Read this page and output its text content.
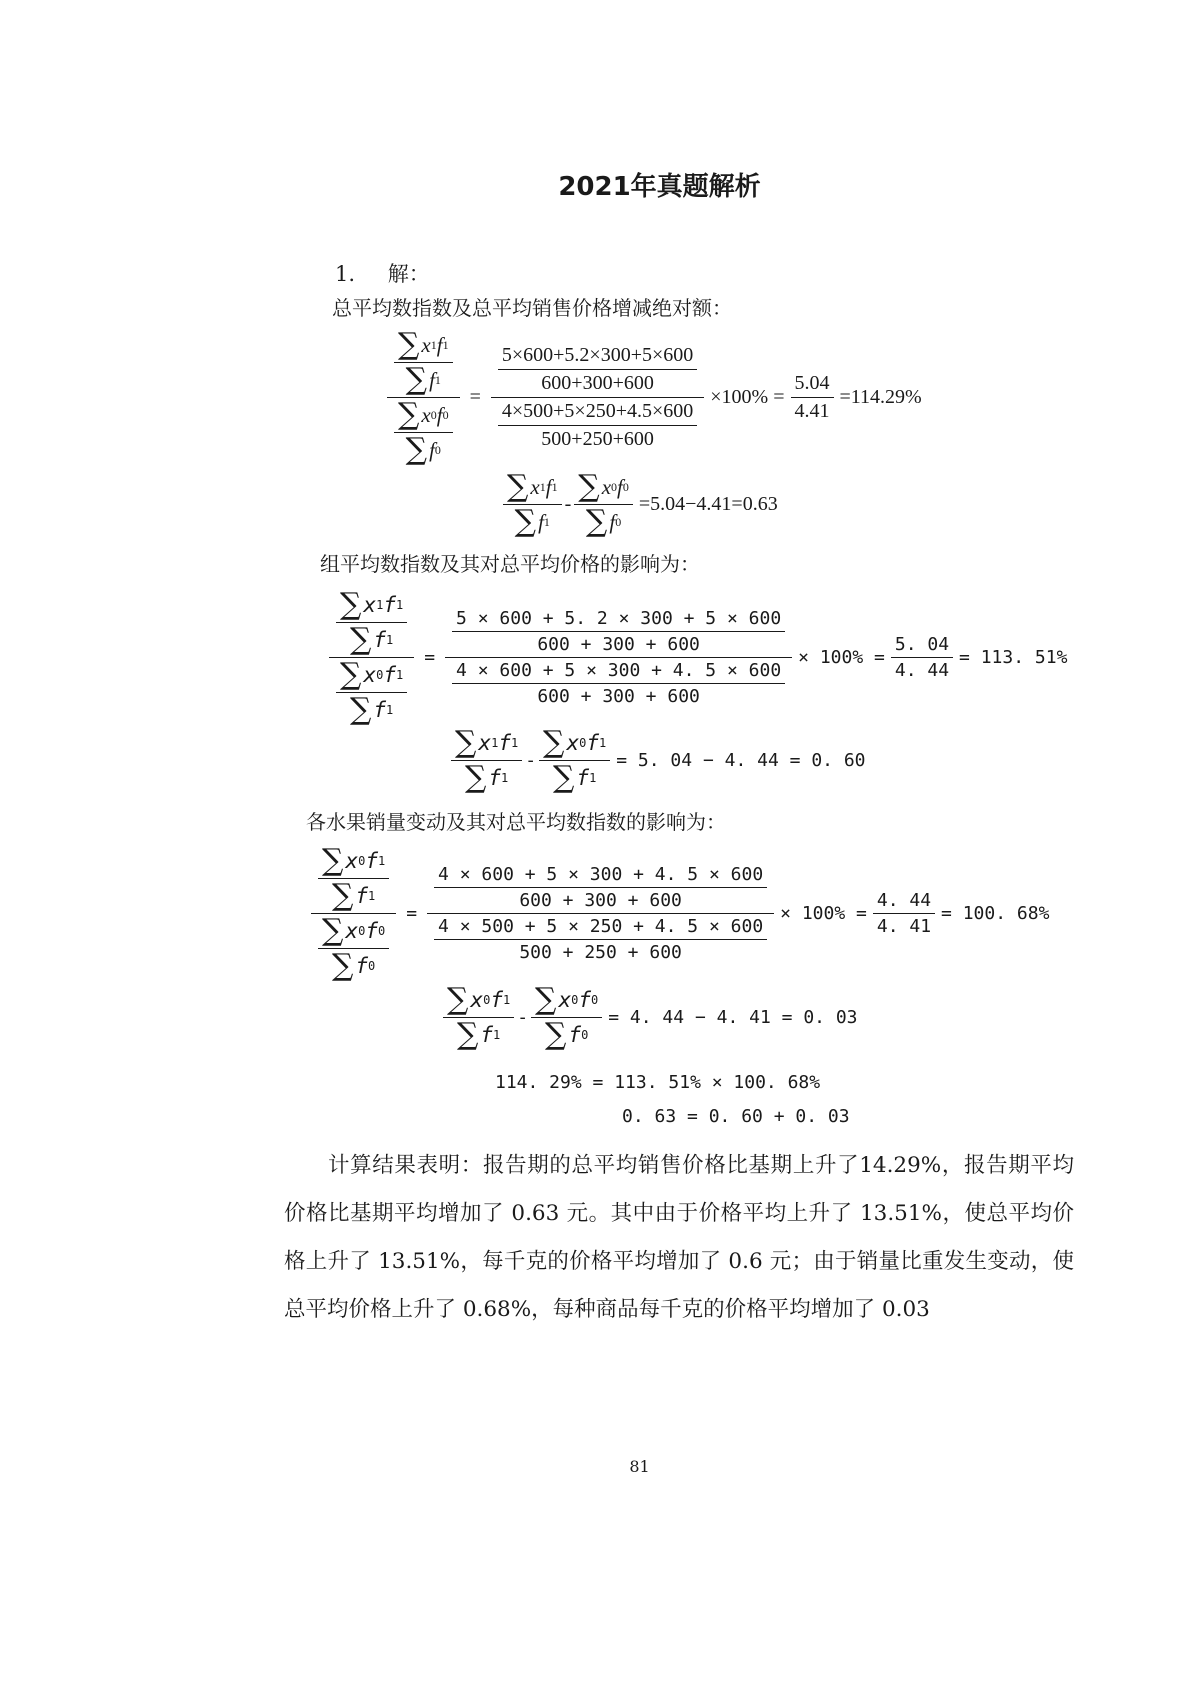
2021年真题解析
1. 解：
总平均数指数及总平均销售价格增减绝对额：
$\frac{\frac{\sum x 1 f 1}{\sum f 1}}{\frac{\sum x 0 f 0}{\sum f 0}} = \frac{\frac{5\times 600+5.2\times 300+5\times 600}{600+300+600}}{\frac{4\times 500+5\times 250+4.5\times 600}{500+250+600}} \times 100\% = \frac{5.04}{4.41} =114.29\%$
$\frac{\sum x 1 f 1}{\sum f 1} - \frac{\sum x 0 f 0}{\sum f 0} =5.04-4.41=0.63$
组平均数指数及其对总平均价格的影响为：
$\frac{\frac{\sum x 1 f 1}{\sum f 1}}{\frac{\sum x 0 f 1}{\sum f 1}}$ =
$\frac{5 \times 600 + 5. 2 \times 300 + 5 \times 600}{600 + 300 + 600}$
$\frac{4 \times 600 + 5 \times 300 + 4. 5 \times 600}{600 + 300 + 600}$
× $100\% = \frac{5. 04}{4. 44} = 113$. 51%
$\frac{\sum x 1 f 1}{\sum f 1} - \frac{\sum x 0 f 1}{\sum f 1} = 5$. 04 − 4. 44 = 0. 60
各水果销量变动及其对总平均数指数的影响为：
$\frac{\frac{\sum x 0 f 1}{\sum f 1}}{\frac{\sum x 0 f 0}{\sum f 0}}$ =
$\frac{4 \times 600 + 5 \times 300 + 4. 5 \times 600}{600 + 300 + 600}$
$\frac{4 \times 500 + 5 \times 250 + 4. 5 \times 600}{500 + 250 + 600}$
× $100\% = \frac{4. 44}{4. 41} = 100$. 68%
$\frac{\sum x 0 f 1}{\sum f 1} - \frac{\sum x 0 f 0}{\sum f 0} = 4$. 44 − 4. 41 = 0. 03
114. 29% = 113. 51% × 100. 68%
0. 63 = 0. 60 + 0. 03
计算结果表明：报告期的总平均销售价格比基期上升了14.29%，报告期平均价格比基期平均增加了 0.63 元。其中由于价格平均上升了 13.51%，使总平均价格上升了 13.51%，每千克的价格平均增加了 0.6 元；由于销量比重发生变动，使总平均价格上升了 0.68%，每种商品每千克的价格平均增加了 0.03
81
